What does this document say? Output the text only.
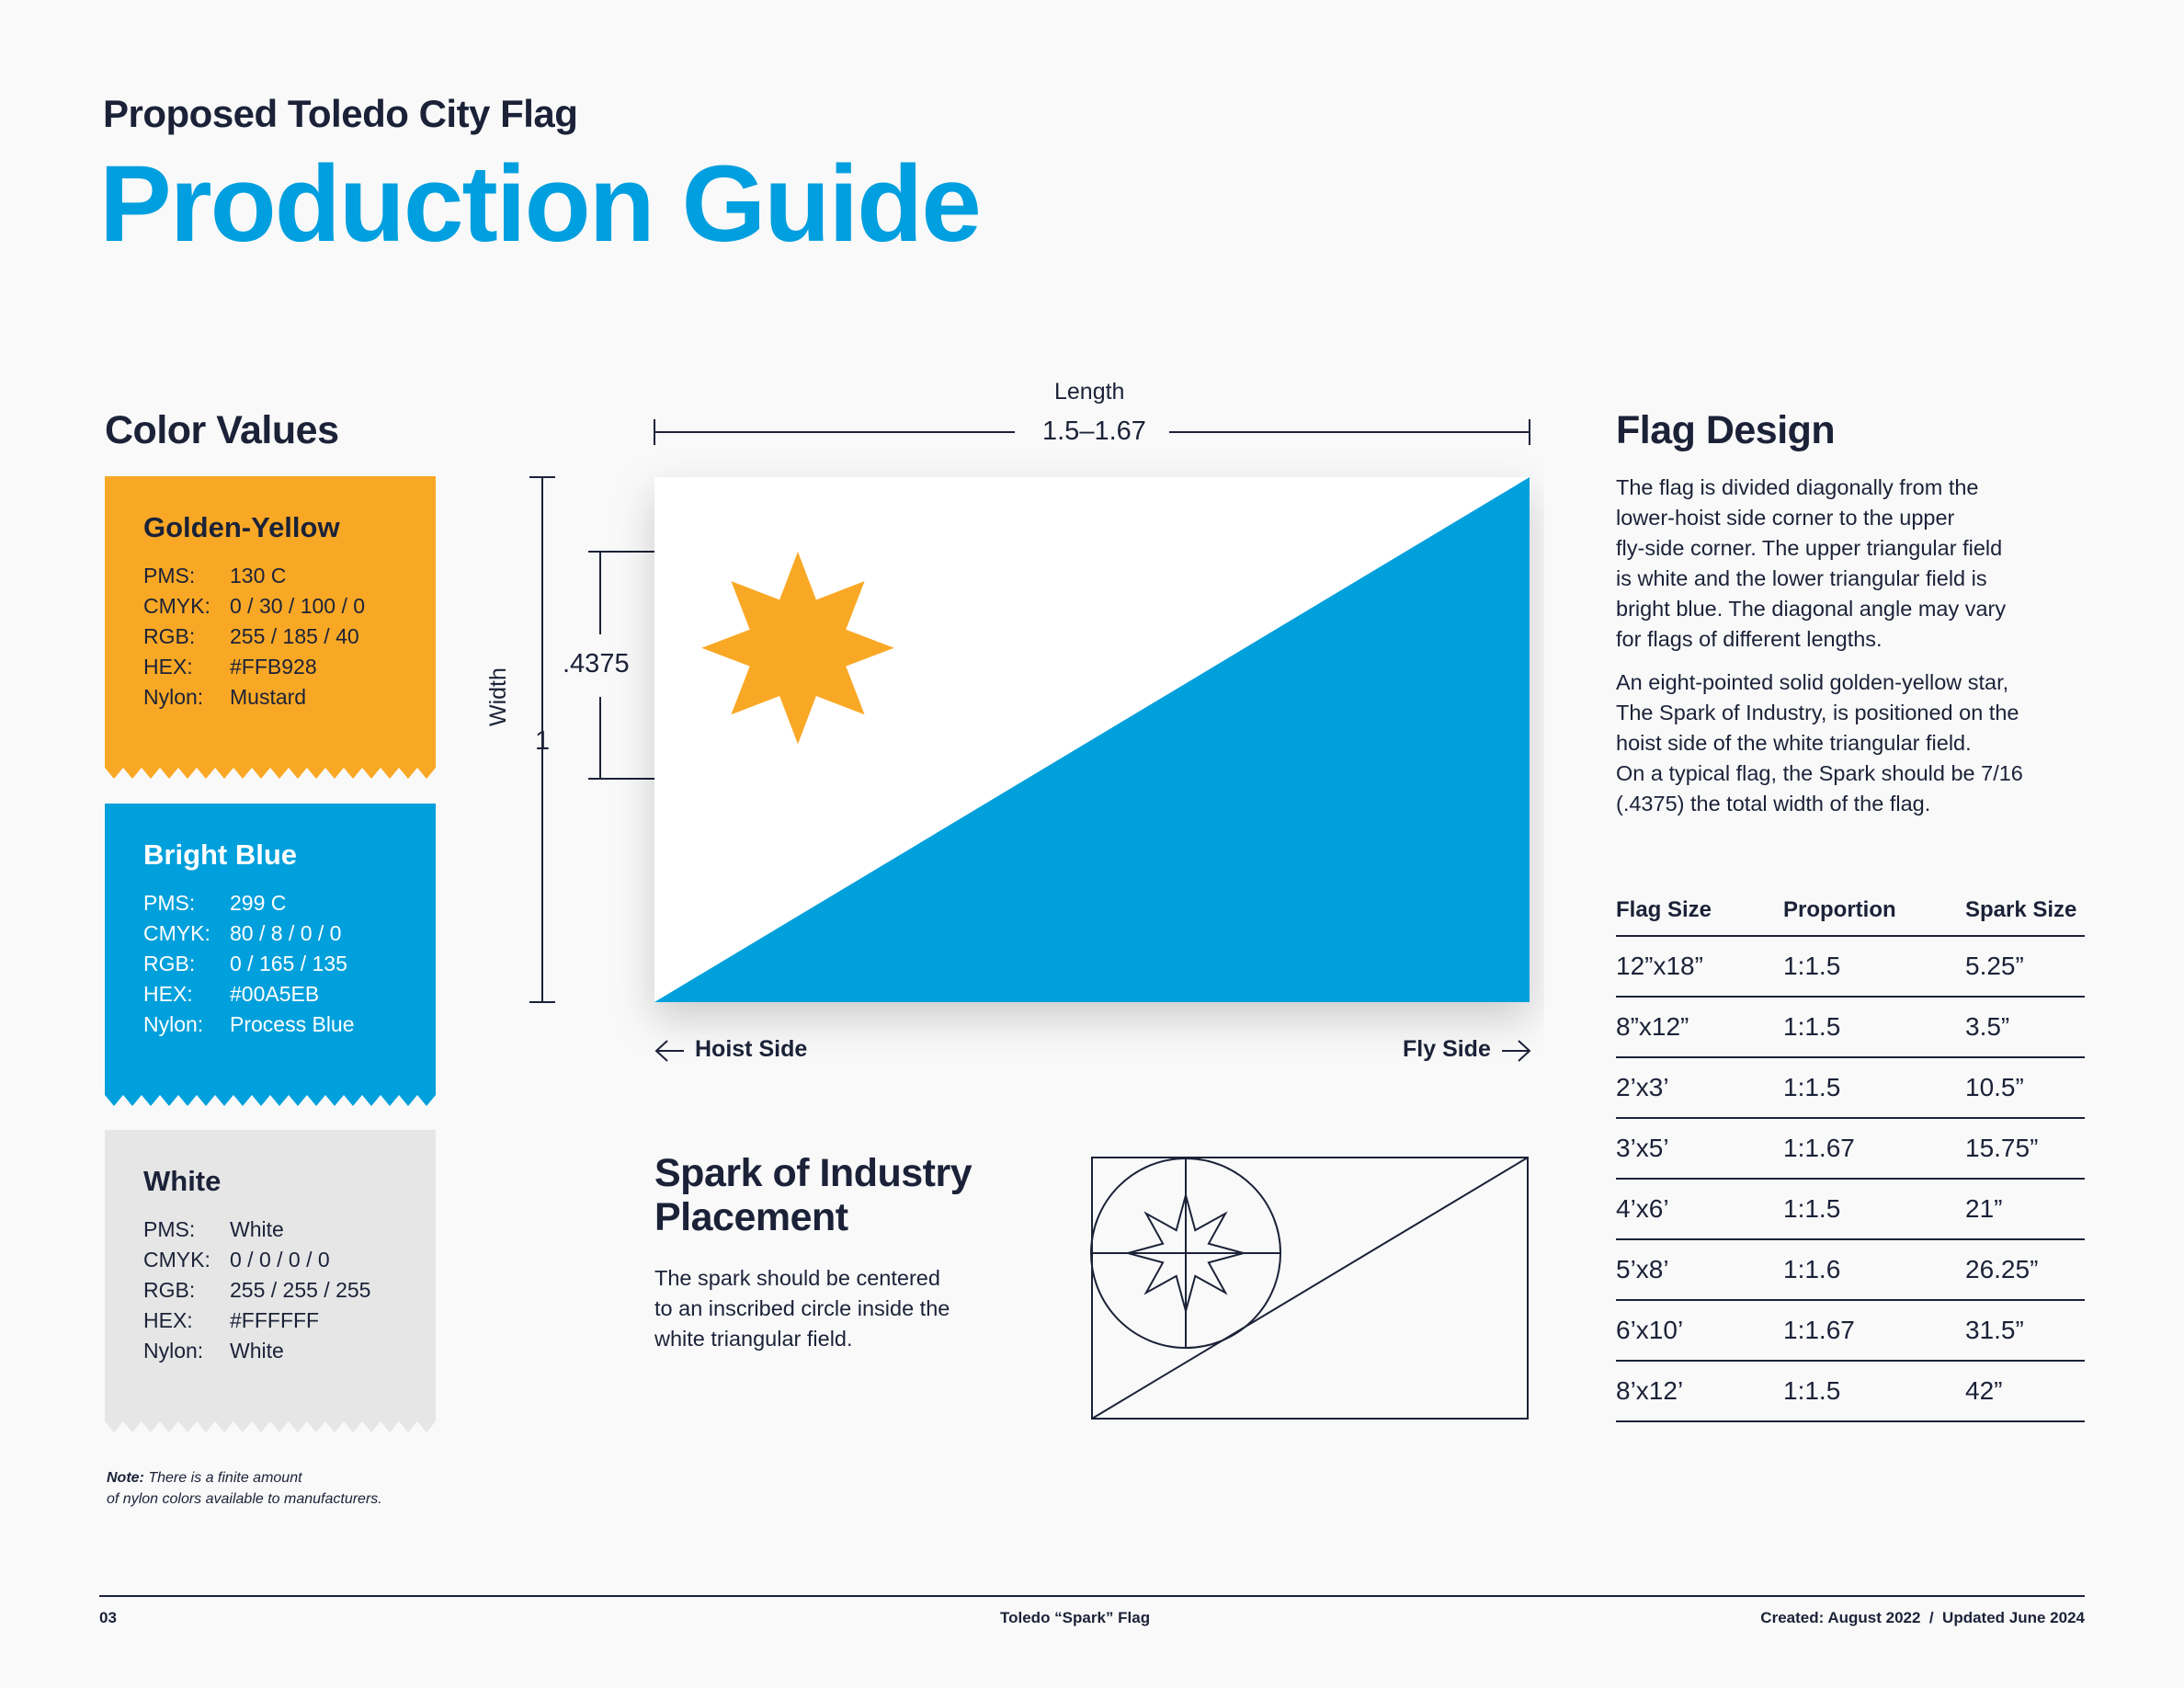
Proposed Toledo City Flag
Production Guide
Color Values
Golden-Yellow
PMS:	130 C
CMYK: 0 / 30 / 100 / 0
RGB:	255 / 185 / 40
HEX:	#FFB928
Nylon:	Mustard
Bright Blue
PMS:	299 C
CMYK: 80 / 8 / 0 / 0
RGB:	0 / 165 / 135
HEX:	#00A5EB
Nylon:	Process Blue
White
PMS:	White
CMYK: 0 / 0 / 0 / 0
RGB:	255 / 255 / 255
HEX:	#FFFFFF
Nylon:	White
Note: There is a finite amount
of nylon colors available to manufacturers.
Length
1.5–1.67
Width
1
.4375
Hoist Side	Fly Side
Spark of Industry
Placement
The spark should be centered
to an inscribed circle inside the
white triangular field.
Flag Design
The flag is divided diagonally from the
lower-hoist side corner to the upper
fly-side corner. The upper triangular field
is white and the lower triangular field is
bright blue. The diagonal angle may vary
for flags of different lengths.
An eight-pointed solid golden-yellow star,
The Spark of Industry, is positioned on the
hoist side of the white triangular field.
On a typical flag, the Spark should be 7/16
(.4375) the total width of the flag.
Flag Size	Proportion	Spark Size
12”x18”	1:1.5	5.25”
8”x12”	1:1.5	3.5”
2’x3’	1:1.5	10.5”
3’x5’	1:1.67	15.75”
4’x6’	1:1.5	21”
5’x8’	1:1.6	26.25”
6’x10’	1:1.67	31.5”
8’x12’	1:1.5	42”
03	Toledo “Spark” Flag	Created: August 2022  /  Updated June 2024
